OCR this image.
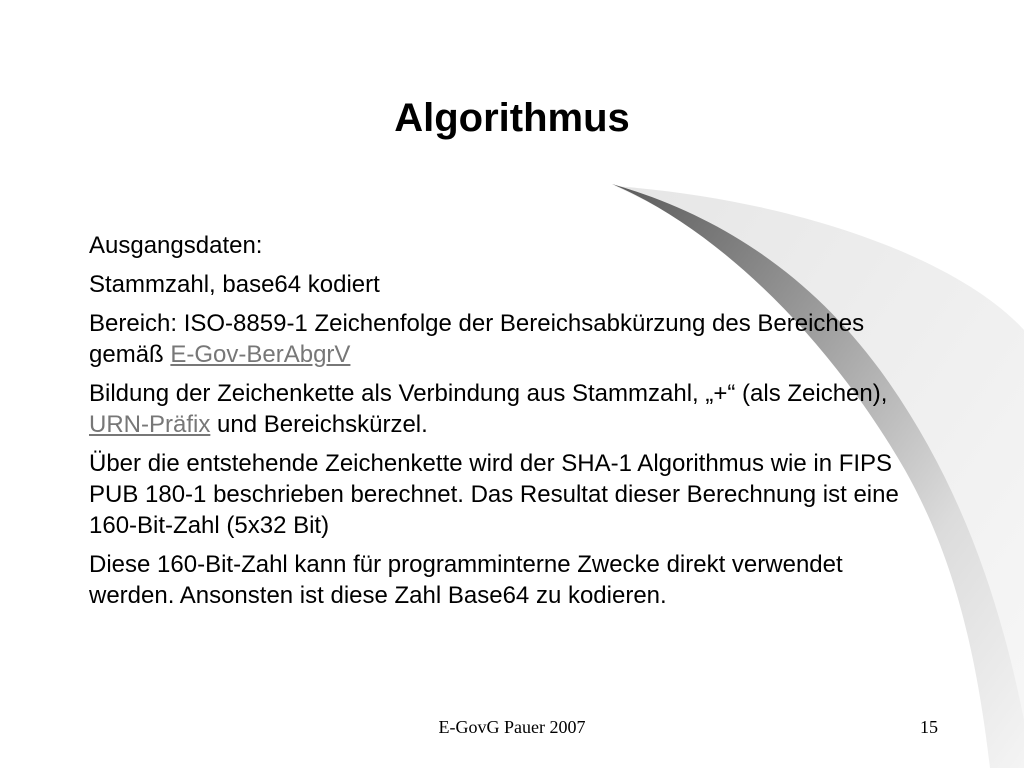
Algorithmus

Ausgangsdaten:

Stammzahl, base64 kodiert

Bereich: ISO-8859-1 Zeichenfolge der Bereichsabkürzung des Bereiches gemäß E-Gov-BerAbgrV

Bildung der Zeichenkette als Verbindung aus Stammzahl, „+“ (als Zeichen), URN-Präfix und Bereichskürzel.

Über die entstehende Zeichenkette wird der SHA-1 Algorithmus wie in FIPS PUB 180-1 beschrieben berechnet. Das Resultat dieser Berechnung ist eine 160-Bit-Zahl (5x32 Bit)

Diese 160-Bit-Zahl kann für programminterne Zwecke direkt verwendet werden. Ansonsten ist diese Zahl Base64 zu kodieren.

E-GovG Pauer 2007	15
